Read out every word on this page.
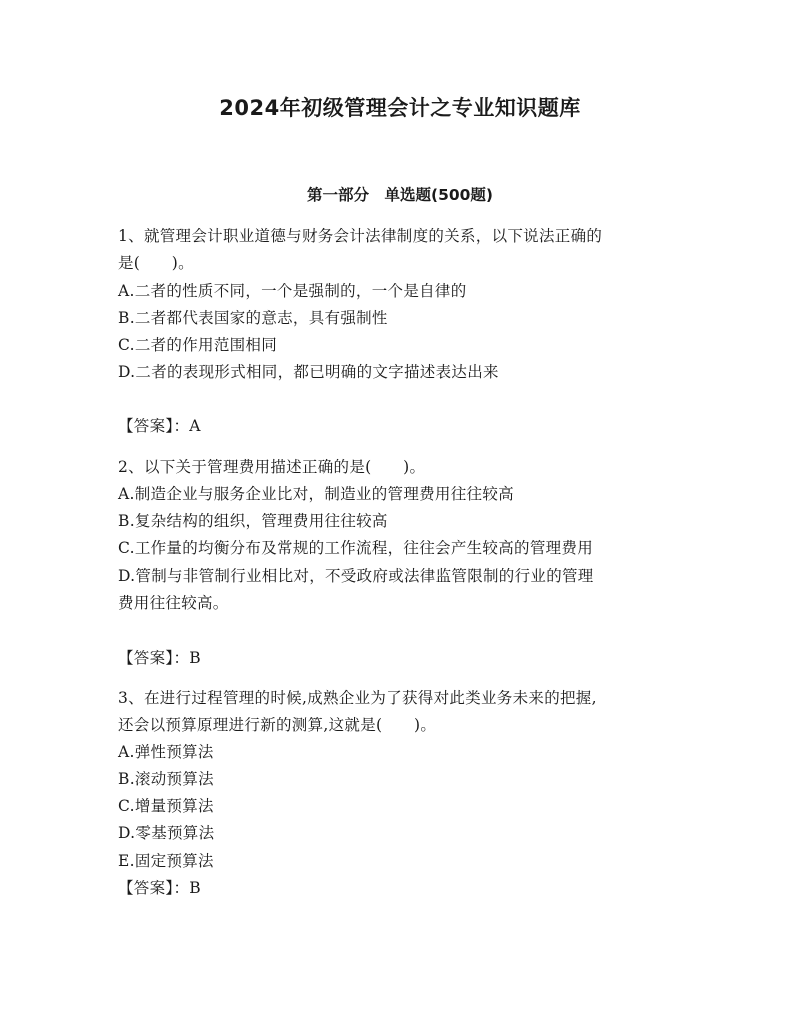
2024年初级管理会计之专业知识题库
第一部分　单选题(500题)
1、就管理会计职业道德与财务会计法律制度的关系，以下说法正确的
是(　　)。
A.二者的性质不同，一个是强制的，一个是自律的
B.二者都代表国家的意志，具有强制性
C.二者的作用范围相同
D.二者的表现形式相同，都已明确的文字描述表达出来
【答案】：A
2、以下关于管理费用描述正确的是(　　)。
A.制造企业与服务企业比对，制造业的管理费用往往较高
B.复杂结构的组织，管理费用往往较高
C.工作量的均衡分布及常规的工作流程，往往会产生较高的管理费用
D.管制与非管制行业相比对，不受政府或法律监管限制的行业的管理
费用往往较高。
【答案】：B
3、在进行过程管理的时候,成熟企业为了获得对此类业务未来的把握,
还会以预算原理进行新的测算,这就是(　　)。
A.弹性预算法
B.滚动预算法
C.增量预算法
D.零基预算法
E.固定预算法
【答案】：B
